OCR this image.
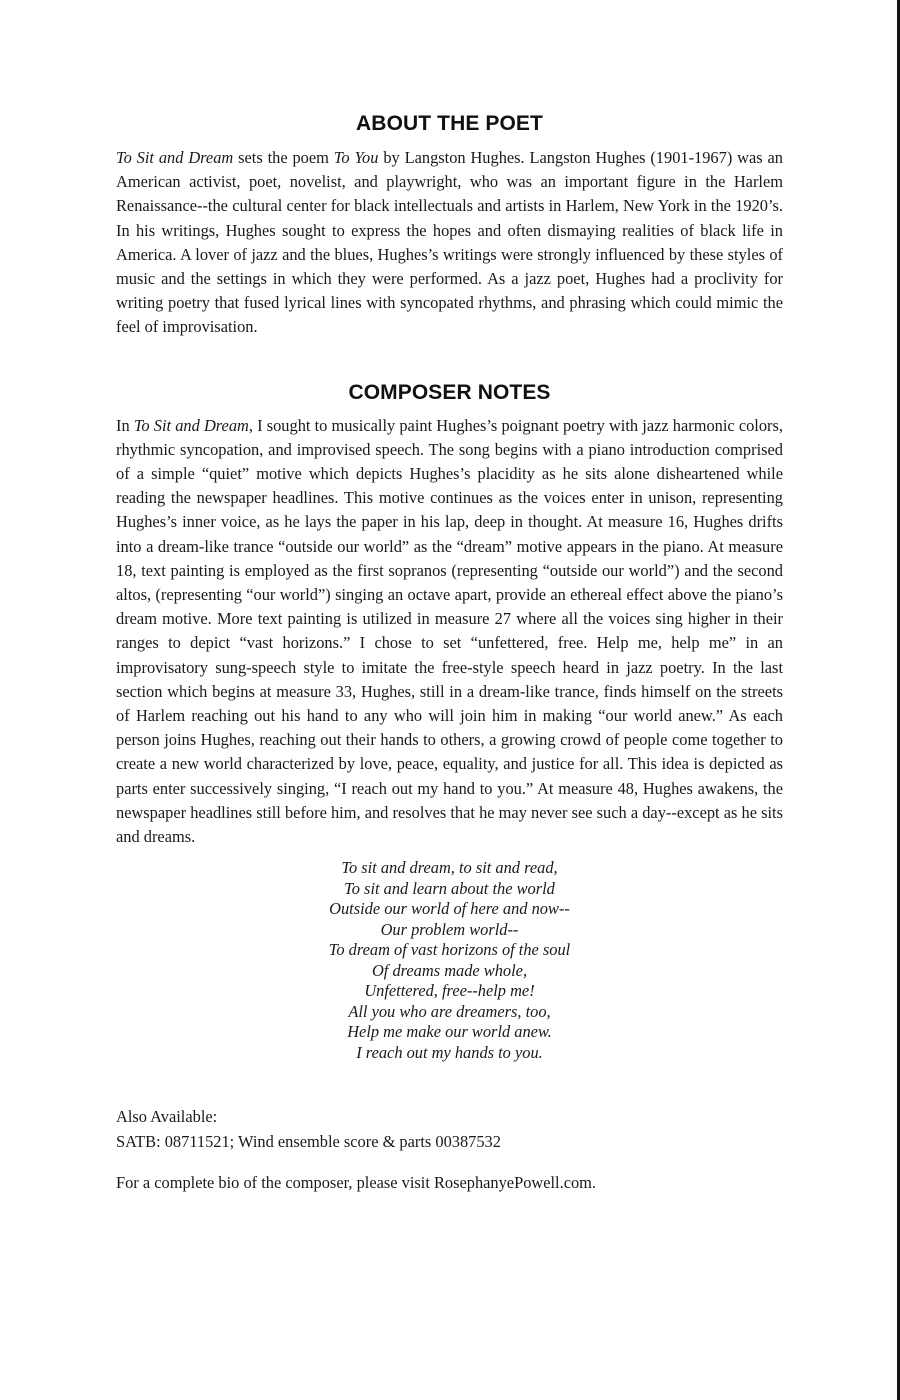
ABOUT THE POET

To Sit and Dream sets the poem To You by Langston Hughes. Langston Hughes (1901-1967) was an American activist, poet, novelist, and playwright, who was an important figure in the Harlem Renaissance--the cultural center for black intellectuals and artists in Harlem, New York in the 1920’s. In his writings, Hughes sought to express the hopes and often dismaying realities of black life in America. A lover of jazz and the blues, Hughes’s writings were strongly influenced by these styles of music and the settings in which they were performed. As a jazz poet, Hughes had a proclivity for writing poetry that fused lyrical lines with syncopated rhythms, and phrasing which could mimic the feel of improvisation.

COMPOSER NOTES

In To Sit and Dream, I sought to musically paint Hughes’s poignant poetry with jazz harmonic colors, rhythmic syncopation, and improvised speech. The song begins with a piano introduction comprised of a simple “quiet” motive which depicts Hughes’s placidity as he sits alone disheartened while reading the newspaper headlines. This motive continues as the voices enter in unison, representing Hughes’s inner voice, as he lays the paper in his lap, deep in thought. At measure 16, Hughes drifts into a dream-like trance “outside our world” as the “dream” motive appears in the piano. At measure 18, text painting is employed as the first sopranos (representing “outside our world”) and the second altos, (representing “our world”) singing an octave apart, provide an ethereal effect above the piano’s dream motive. More text painting is utilized in measure 27 where all the voices sing higher in their ranges to depict “vast horizons.” I chose to set “unfettered, free. Help me, help me” in an improvisatory sung-speech style to imitate the free-style speech heard in jazz poetry. In the last section which begins at measure 33, Hughes, still in a dream-like trance, finds himself on the streets of Harlem reaching out his hand to any who will join him in making “our world anew.” As each person joins Hughes, reaching out their hands to others, a growing crowd of people come together to create a new world characterized by love, peace, equality, and justice for all. This idea is depicted as parts enter successively singing, “I reach out my hand to you.” At measure 48, Hughes awakens, the newspaper headlines still before him, and resolves that he may never see such a day--except as he sits and dreams.

To sit and dream, to sit and read,
To sit and learn about the world
Outside our world of here and now--
Our problem world--
To dream of vast horizons of the soul
Of dreams made whole,
Unfettered, free--help me!
All you who are dreamers, too,
Help me make our world anew.
I reach out my hands to you.
Also Available:
SATB: 08711521; Wind ensemble score & parts 00387532
For a complete bio of the composer, please visit RosephanyePowell.com.
